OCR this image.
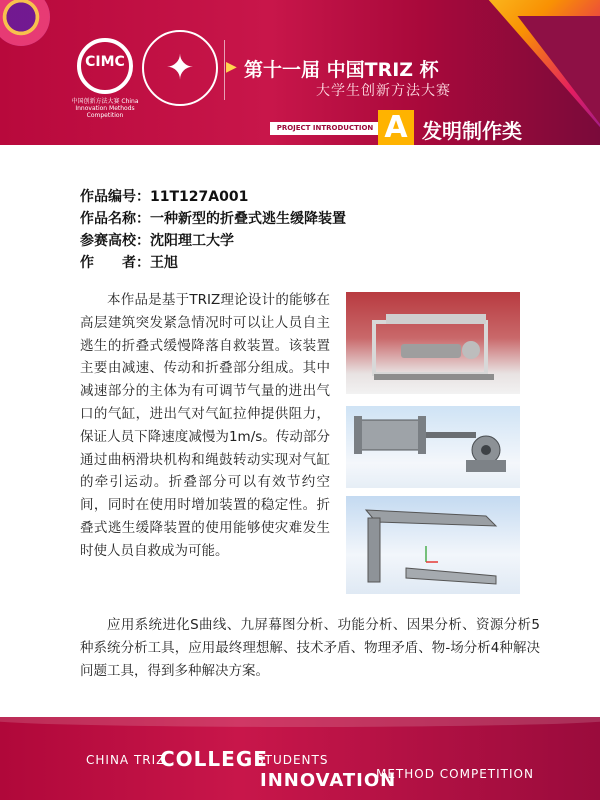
CIMC
中国创新方法大赛 China Innovation Methods Competition
✦ ▶ 第十一届 中国TRIZ 杯
大学生创新方法大赛
PROJECT INTRODUCTION A 发明制作类
作品编号：11T127A001
作品名称：一种新型的折叠式逃生缓降装置
参赛高校：沈阳理工大学
作　　者：王旭
本作品是基于TRIZ理论设计的能够在高层建筑突发紧急情况时可以让人员自主逃生的折叠式缓慢降落自救装置。该装置主要由减速、传动和折叠部分组成。其中减速部分的主体为有可调节气量的进出气口的气缸，进出气对气缸拉伸提供阻力，保证人员下降速度减慢为1m/s。传动部分通过曲柄滑块机构和绳鼓转动实现对气缸的牵引运动。折叠部分可以有效节约空间，同时在使用时增加装置的稳定性。折叠式逃生缓降装置的使用能够使灾难发生时使人员自救成为可能。
应用系统进化S曲线、九屏幕图分析、功能分析、因果分析、资源分析5种系统分析工具，应用最终理想解、技术矛盾、物理矛盾、物-场分析4种解决问题工具，得到多种解决方案。
CHINA TRIZ
COLLEGE
STUDENTS
INNOVATION
METHOD COMPETITION
